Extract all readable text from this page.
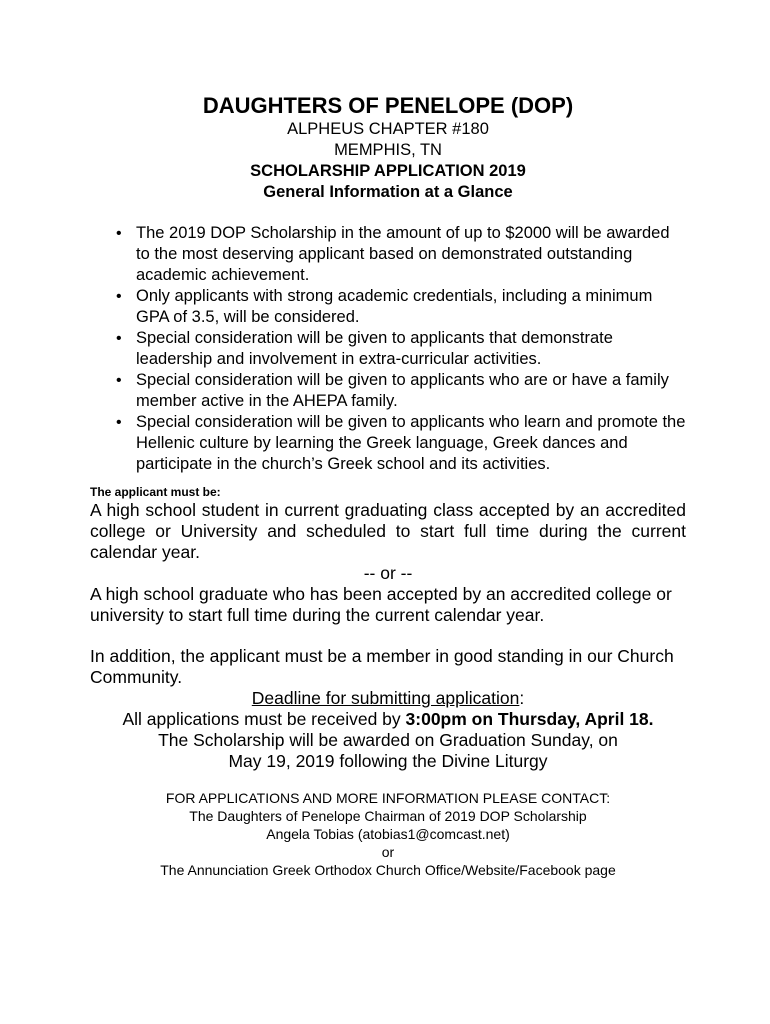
DAUGHTERS OF PENELOPE (DOP)

ALPHEUS CHAPTER #180

MEMPHIS, TN

SCHOLARSHIP APPLICATION 2019

General Information at a Glance

• The 2019 DOP Scholarship in the amount of up to $2000 will be awarded to the most deserving applicant based on demonstrated outstanding academic achievement.
• Only applicants with strong academic credentials, including a minimum GPA of 3.5, will be considered.
• Special consideration will be given to applicants that demonstrate leadership and involvement in extra-curricular activities.
• Special consideration will be given to applicants who are or have a family member active in the AHEPA family.
• Special consideration will be given to applicants who learn and promote the Hellenic culture by learning the Greek language, Greek dances and participate in the church’s Greek school and its activities.
The applicant must be:

A high school student in current graduating class accepted by an accredited college or University and scheduled to start full time during the current calendar year.

-- or --

A high school graduate who has been accepted by an accredited college or university to start full time during the current calendar year.

In addition, the applicant must be a member in good standing in our Church Community.

Deadline for submitting application:

All applications must be received by 3:00pm on Thursday, April 18.

The Scholarship will be awarded on Graduation Sunday, on

May 19, 2019 following the Divine Liturgy

FOR APPLICATIONS AND MORE INFORMATION PLEASE CONTACT:

The Daughters of Penelope Chairman of 2019 DOP Scholarship

Angela Tobias (atobias1@comcast.net)

or

The Annunciation Greek Orthodox Church Office/Website/Facebook page
